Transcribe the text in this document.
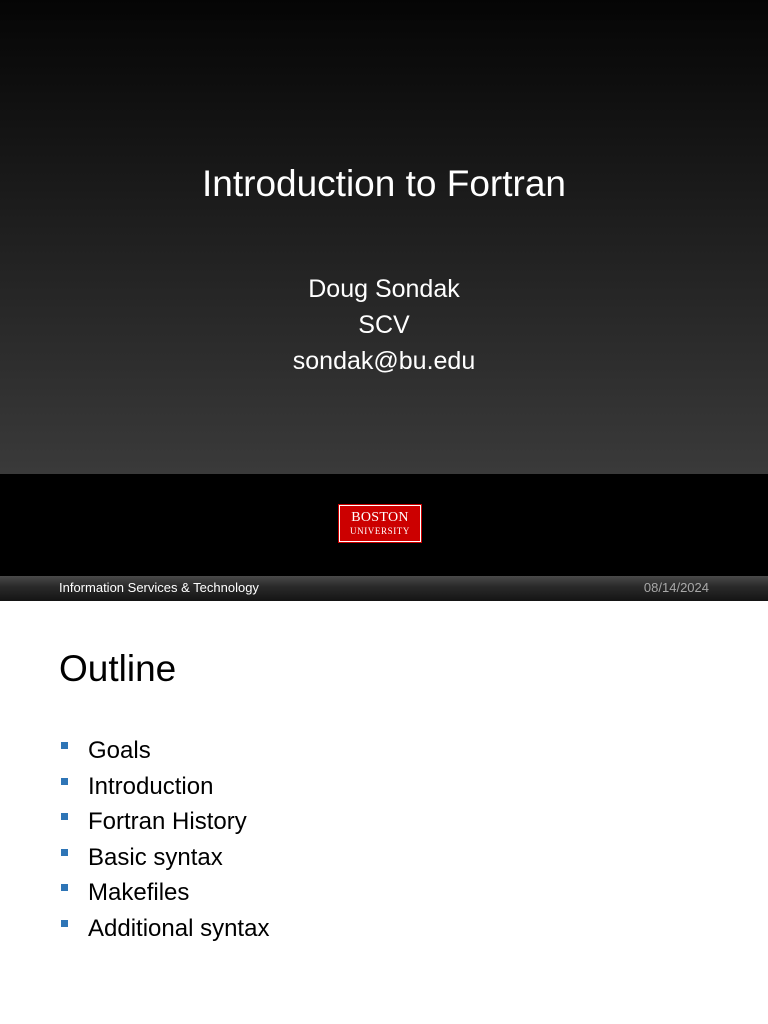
Introduction to Fortran
Doug Sondak
SCV
sondak@bu.edu
BOSTON
UNIVERSITY
Information Services & Technology	08/14/2024
Outline
Goals
Introduction
Fortran History
Basic syntax
Makefiles
Additional syntax
